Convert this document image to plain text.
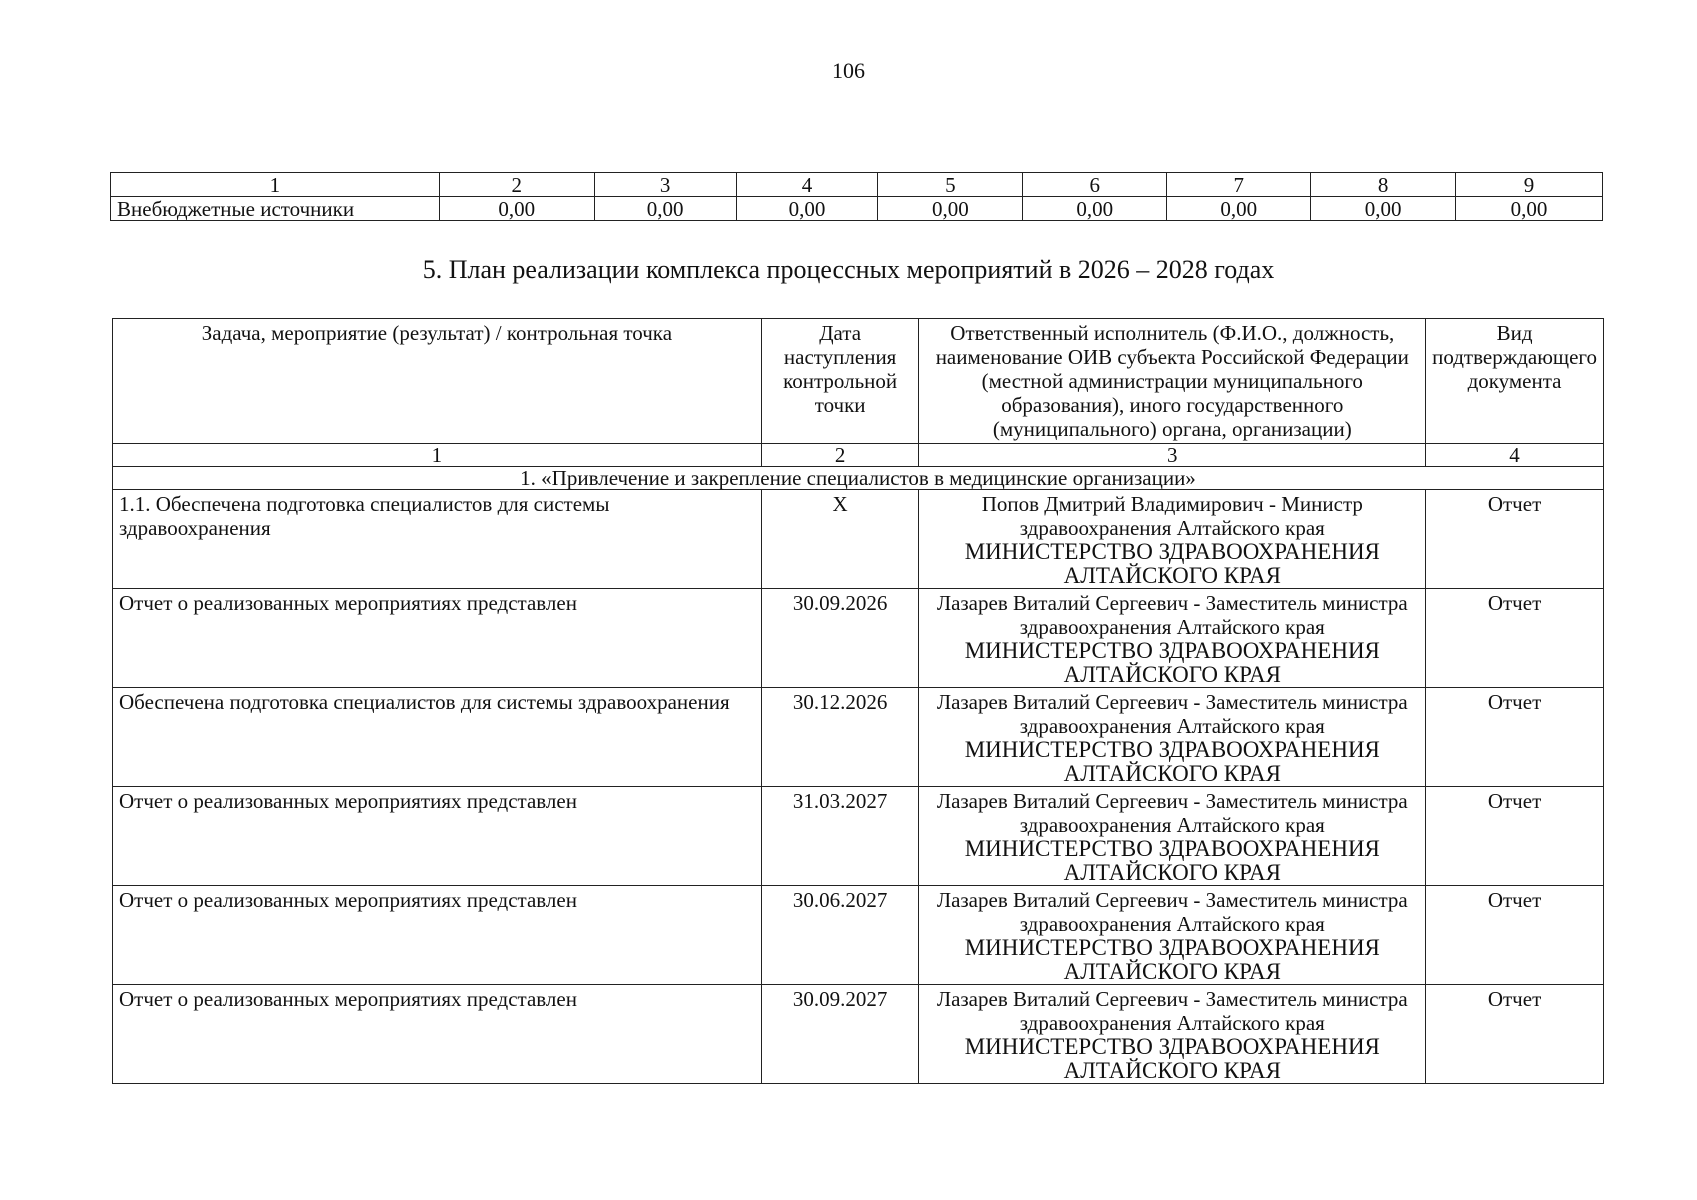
106
1	2	3	4	5	6	7	8	9
Внебюджетные источники	0,00	0,00	0,00	0,00	0,00	0,00	0,00	0,00
5. План реализации комплекса процессных мероприятий в 2026 – 2028 годах
Задача, мероприятие (результат) / контрольная точка	Дата наступления контрольной точки	Ответственный исполнитель (Ф.И.О., должность, наименование ОИВ субъекта Российской Федерации (местной администрации муниципального образования), иного государственного (муниципального) органа, организации)	Вид подтверждающего документа
1	2	3	4
1. «Привлечение и закрепление специалистов в медицинские организации»			
1.1. Обеспечена подготовка специалистов для системы здравоохранения	X	Попов Дмитрий Владимирович - Министр здравоохранения Алтайского края
МИНИСТЕРСТВО ЗДРАВООХРАНЕНИЯ АЛТАЙСКОГО КРАЯ	Отчет
Отчет о реализованных мероприятиях представлен	30.09.2026	Лазарев Виталий Сергеевич - Заместитель министра здравоохранения Алтайского края
МИНИСТЕРСТВО ЗДРАВООХРАНЕНИЯ АЛТАЙСКОГО КРАЯ	Отчет
Обеспечена подготовка специалистов для системы здравоохранения	30.12.2026	Лазарев Виталий Сергеевич - Заместитель министра здравоохранения Алтайского края
МИНИСТЕРСТВО ЗДРАВООХРАНЕНИЯ АЛТАЙСКОГО КРАЯ	Отчет
Отчет о реализованных мероприятиях представлен	31.03.2027	Лазарев Виталий Сергеевич - Заместитель министра здравоохранения Алтайского края
МИНИСТЕРСТВО ЗДРАВООХРАНЕНИЯ АЛТАЙСКОГО КРАЯ	Отчет
Отчет о реализованных мероприятиях представлен	30.06.2027	Лазарев Виталий Сергеевич - Заместитель министра здравоохранения Алтайского края
МИНИСТЕРСТВО ЗДРАВООХРАНЕНИЯ АЛТАЙСКОГО КРАЯ	Отчет
Отчет о реализованных мероприятиях представлен	30.09.2027	Лазарев Виталий Сергеевич - Заместитель министра здравоохранения Алтайского края
МИНИСТЕРСТВО ЗДРАВООХРАНЕНИЯ АЛТАЙСКОГО КРАЯ	Отчет
